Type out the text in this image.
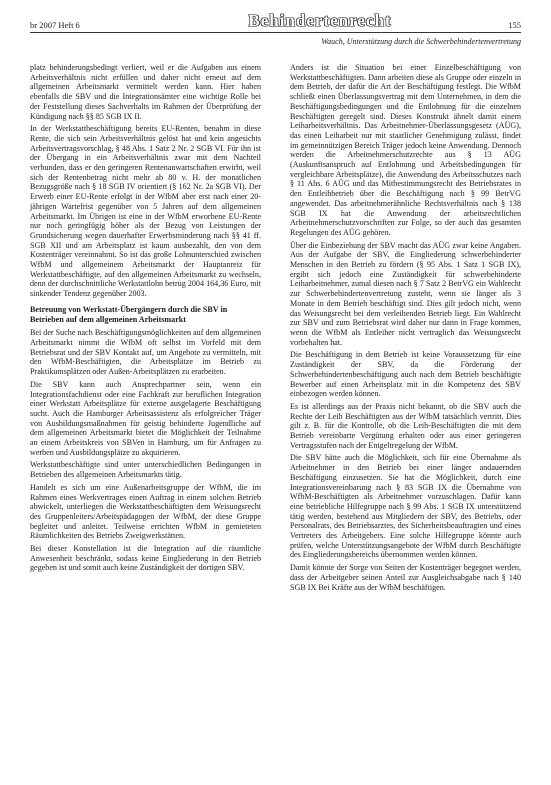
br 2007 Heft 6	Behindertenrecht	155
Wauch, Unterstützung durch die Schwerbehindertenvertretung

platz behinderungsbedingt verliert, weil er die Aufgaben aus einem Arbeitsverhältnis nicht erfüllen und daher nicht erneut auf dem allgemeinen Arbeitsmarkt vermittelt werden kann. Hier haben ebenfalls die SBV und die Integrationsämter eine wichtige Rolle bei der Feststellung dieses Sachverhalts im Rahmen der Überprüfung der Kündigung nach §§ 85 SGB IX II.

In der Werkstattbeschäftigung bereits EU-Renten, benahm in diese Rente, die sich sein Arbeitsverhältnis gelöst hat und kein angesichts Arbeitsvertragsvorschlag, § 48 Abs. 1 Satz 2 Nr. 2 SGB VI. Für ihn ist der Übergang in ein Arbeitsverhältnis zwar mit dem Nachteil verbunden, dass er den geringeren Rentenanwartschaften erwirbt, weil sich der Rentenbetrag nicht mehr ab 80 v. H. der monatlichen Bezugsgröße nach § 18 SGB IV orientiert (§ 162 Nr. 2a SGB VI). Der Erwerb einer EU-Rente erfolgt in der WfbM aber erst nach einer 20-jährigen Wartefrist gegenüber von 5 Jahren auf dem allgemeinen Arbeitsmarkt. Im Übrigen ist eine in der WfbM erworbene EU-Rente nur noch geringfügig höher als der Bezug von Leistungen der Grundsicherung wegen dauerhafter Erwerbsminderung nach §§ 41 ff. SGB XII und am Arbeitsplatz ist kaum ausbezahlt, den von dem Kostenträger vereinnahmt. So ist das große Lohnunterschied zwischen WfbM und allgemeinem Arbeitsmarkt der Hauptanreiz für Werkstattbeschäftigte, auf den allgemeinen Arbeitsmarkt zu wechseln, denn der durchschnittliche Werkstattlohn betrug 2004 164,36 Euro, mit sinkender Tendenz gegenüber 2003.

Betreuung von Werkstatt-Übergängern durch die SBV in Betrieben auf dem allgemeinen Arbeitsmarkt

Bei der Suche nach Beschäftigungsmöglichkeiten auf dem allgemeinen Arbeitsmarkt nimmt die WfbM oft selbst im Vorfeld mit dem Betriebsrat und der SBV Kontakt auf, um Angebote zu vermitteln, mit den WfbM-Beschäftigten, die Arbeitsplätze im Betrieb zu Praktikumsplätzen oder Außen-Arbeitsplätzen zu erarbeiten.

Die SBV kann auch Ansprechpartner sein, wenn ein Integrationsfachdienst oder eine Fachkraft zur beruflichen Integration einer Werkstatt Arbeitsplätze für externe ausgelagerte Beschäftigung sucht. Auch die Hamburger Arbeitsassistenz als erfolgreicher Träger von Ausbildungsmaßnahmen für geistig behinderte Jugendliche auf dem allgemeinen Arbeitsmarkt bietet die Möglichkeit der Teilnahme an einem Arbeitskreis von SBVen in Hamburg, um für Anfragen zu werben und Ausbildungsplätze zu akquirieren.

Werkstattbeschäftigte sind unter unterschiedlichen Bedingungen in Betrieben des allgemeinen Arbeitsmarkts tätig.

Handelt es sich um eine Außenarbeitsgruppe der WfbM, die im Rahmen eines Werkvertrages einen Auftrag in einem solchen Betrieb abwickelt, unterliegen die Werkstattbeschäftigten dem Weisungsrecht des Gruppenleiters/Arbeitspädagogen der WfbM, der diese Gruppe begleitet und anleitet. Teilweise errichten WfbM in gemieteten Räumlichkeiten des Betriebs Zweigwerkstätten.

Bei dieser Konstellation ist die Integration auf die räumliche Anwesenheit beschränkt, sodass keine Eingliederung in den Betrieb gegeben ist und somit auch keine Zuständigkeit der dortigen SBV.

Anders ist die Situation bei einer Einzelbeschäftigung von Werkstattbeschäftigten. Dann arbeiten diese als Gruppe oder einzeln in dem Betrieb, der dafür die Art der Beschäftigung festlegt. Die WfbM schließt einen Überlassungsvertrag mit dem Unternehmen, in dem die Beschäftigungsbedingungen und die Entlohnung für die einzelnen Beschäftigten geregelt sind. Dieses Konstrukt ähnelt damit einem Leiharbeitsverhältnis. Das Arbeitnehmer-Überlassungsgesetz (AÜG), das einen Leiharbeit nur mit staatlicher Genehmigung zulässt, findet im gemeinnützigen Bereich Träger jedoch keine Anwendung. Dennoch werden die Arbeitnehmerschutzrechte aus § 13 AÜG (Auskunftsanspruch auf Entlohnung und Arbeitsbedingungen für vergleichbare Arbeitsplätze), die Anwendung des Arbeitsschutzes nach § 11 Abs. 6 AÜG und das Mitbestimmungsrecht des Betriebsrates in den Entleihbetrieb über die Beschäftigung nach § 99 BetrVG angewendet. Das arbeitnehmerähnliche Rechtsverhältnis nach § 138 SGB IX hat die Anwendung der arbeitsrechtlichen Arbeitnehmerschutzvorschriften zur Folge, so der auch das gesamten Regelungen des AÜG gehören.

Über die Einbeziehung der SBV macht das AÜG zwar keine Angaben. Aus der Aufgabe der SBV, die Eingliederung schwerbehinderter Menschen in den Betrieb zu fördern (§ 95 Abs. 1 Satz 1 SGB IX), ergibt sich jedoch eine Zuständigkeit für schwerbehinderte Leiharbeitnehmer, zumal diesen nach § 7 Satz 2 BetrVG ein Wahlrecht zur Schwerbehindertenvertretung zusteht, wenn sie länger als 3 Monate in dem Betrieb beschäftigt sind. Dies gilt jedoch nicht, wenn das Weisungsrecht bei dem verleihenden Betrieb liegt. Ein Wahlrecht zur SBV und zum Betriebsrat wird daher nur dann in Frage kommen, wenn die WfbM als Entleiher nicht vertraglich das Weisungsrecht vorbehalten hat.

Die Beschäftigung in dem Betrieb ist keine Voraussetzung für eine Zuständigkeit der SBV, da die Förderung der Schwerbehindertenbeschäftigung auch nach dem Betrieb beschäftigte Bewerber auf einen Arbeitsplatz mit in die Kompetenz des SBV einbezogen werden können.

Es ist allerdings aus der Praxis nicht bekannt, ob die SBV auch die Rechte der Leih Beschäftigten aus der WfbM tatsächlich vertritt. Dies gilt z. B. für die Kontrolle, ob die Leih-Beschäftigten die mit dem Betrieb vereinbarte Vergütung erhalten oder aus einer geringeren Vertragsstufen nach der Entgeltregelung der WfbM.

Die SBV hätte auch die Möglichkeit, sich für eine Übernahme als Arbeitnehmer in den Betrieb bei einer länger andauernden Beschäftigung einzusetzen. Sie hat die Möglichkeit, durch eine Integrationsvereinbarung nach § 83 SGB IX die Übernahme von WfbM-Beschäftigten als Arbeitnehmer vorzuschlagen. Dafür kann eine betriebliche Hilfegruppe nach § 99 Abs. 1 SGB IX unterstützend tätig werden, bestehend aus Mitgliedern der SBV, des Betriebs, oder Personalrats, des Betriebsarztes, des Sicherheitsbeauftragten und eines Vertreters des Arbeitgebers. Eine solche Hilfegruppe könnte auch prüfen, welche Unterstützungsangebote der WfbM durch Beschäftigte des Eingliederungsbereichs übernommen werden können.

Damit könnte der Sorge von Seiten der Kostenträger begegnet werden, dass der Arbeitgeber seinen Anteil zur Ausgleichsabgabe nach § 140 SGB IX Bei Kräfte aus der WfbM beschäftigen.
